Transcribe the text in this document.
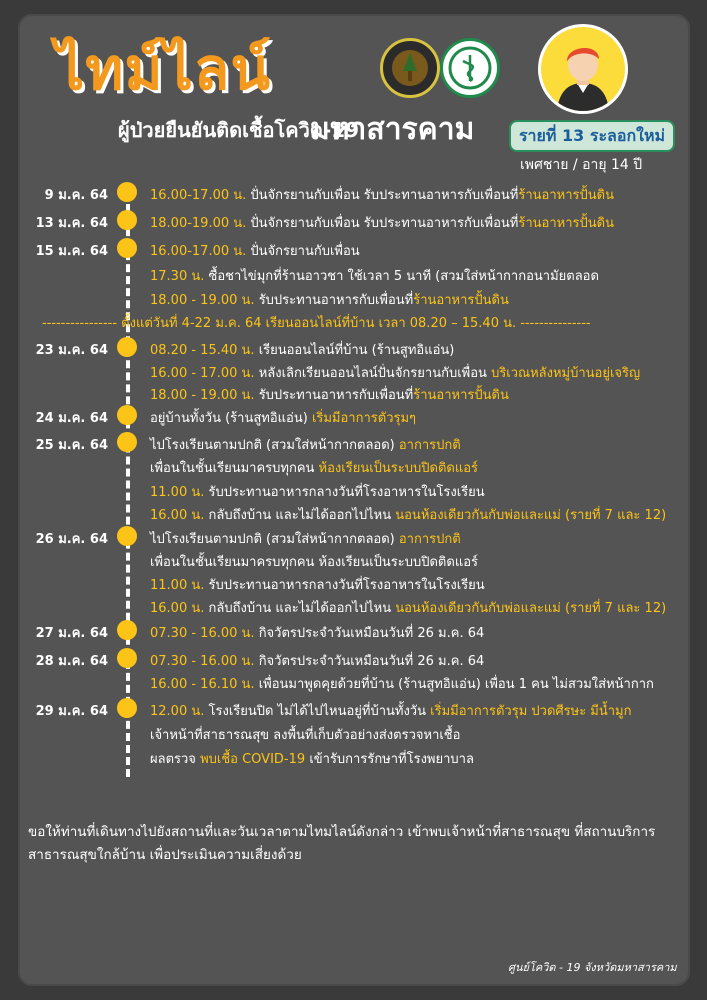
ไทม์ไลน์
ผู้ป่วยยืนยันติดเชื้อโควิด-19
มหาสารคาม	รายที่ 13 ระลอกใหม่
เพศชาย / อายุ 14 ปี
9 ม.ค. 64	16.00-17.00 น. ปั่นจักรยานกับเพื่อน รับประทานอาหารกับเพื่อนที่ร้านอาหารปั้นดิน
13 ม.ค. 64	18.00-19.00 น. ปั่นจักรยานกับเพื่อน รับประทานอาหารกับเพื่อนที่ร้านอาหารปั้นดิน
15 ม.ค. 64	16.00-17.00 น. ปั่นจักรยานกับเพื่อน
17.30 น. ซื้อชาไข่มุกที่ร้านอาวชา ใช้เวลา 5 นาที (สวมใส่หน้ากากอนามัยตลอด
18.00 - 19.00 น. รับประทานอาหารกับเพื่อนที่ร้านอาหารปั้นดิน
---------------- ตั้งแต่วันที่ 4-22 ม.ค. 64 เรียนออนไลน์ที่บ้าน เวลา 08.20 – 15.40 น. ---------------
23 ม.ค. 64	08.20 - 15.40 น. เรียนออนไลน์ที่บ้าน (ร้านสูทอิแอ่น)
16.00 - 17.00 น. หลังเลิกเรียนออนไลน์ปั่นจักรยานกับเพื่อน บริเวณหลังหมู่บ้านอยู่เจริญ
18.00 - 19.00 น. รับประทานอาหารกับเพื่อนที่ร้านอาหารปั้นดิน
24 ม.ค. 64	อยู่บ้านทั้งวัน (ร้านสูทอิแอ่น) เริ่มมีอาการตัวรุมๆ
25 ม.ค. 64	ไปโรงเรียนตามปกติ (สวมใส่หน้ากากตลอด) อาการปกติ
เพื่อนในชั้นเรียนมาครบทุกคน ห้องเรียนเป็นระบบปิดติดแอร์
11.00 น. รับประทานอาหารกลางวันที่โรงอาหารในโรงเรียน
16.00 น. กลับถึงบ้าน และไม่ได้ออกไปไหน นอนห้องเดียวกันกับพ่อและแม่ (รายที่ 7 และ 12)
26 ม.ค. 64	ไปโรงเรียนตามปกติ (สวมใส่หน้ากากตลอด) อาการปกติ
เพื่อนในชั้นเรียนมาครบทุกคน ห้องเรียนเป็นระบบปิดติดแอร์
11.00 น. รับประทานอาหารกลางวันที่โรงอาหารในโรงเรียน
16.00 น. กลับถึงบ้าน และไม่ได้ออกไปไหน นอนห้องเดียวกันกับพ่อและแม่ (รายที่ 7 และ 12)
27 ม.ค. 64	07.30 - 16.00 น. กิจวัตรประจำวันเหมือนวันที่ 26 ม.ค. 64
28 ม.ค. 64	07.30 - 16.00 น. กิจวัตรประจำวันเหมือนวันที่ 26 ม.ค. 64
16.00 - 16.10 น. เพื่อนมาพูดคุยด้วยที่บ้าน (ร้านสูทอิแอ่น) เพื่อน 1 คน ไม่สวมใส่หน้ากาก
29 ม.ค. 64	12.00 น. โรงเรียนปิด ไม่ได้ไปไหนอยู่ที่บ้านทั้งวัน เริ่มมีอาการตัวรุม ปวดศีรษะ มีน้ำมูก
เจ้าหน้าที่สาธารณสุข ลงพื้นที่เก็บตัวอย่างส่งตรวจหาเชื้อ
ผลตรวจ พบเชื้อ COVID-19 เข้ารับการรักษาที่โรงพยาบาล
ขอให้ท่านที่เดินทางไปยังสถานที่และวันเวลาตามไทมไลน์ดังกล่าว เข้าพบเจ้าหน้าที่สาธารณสุข ที่สถานบริการ
สาธารณสุขใกล้บ้าน เพื่อประเมินความเสี่ยงด้วย
ศูนย์โควิด - 19 จังหวัดมหาสารคาม
